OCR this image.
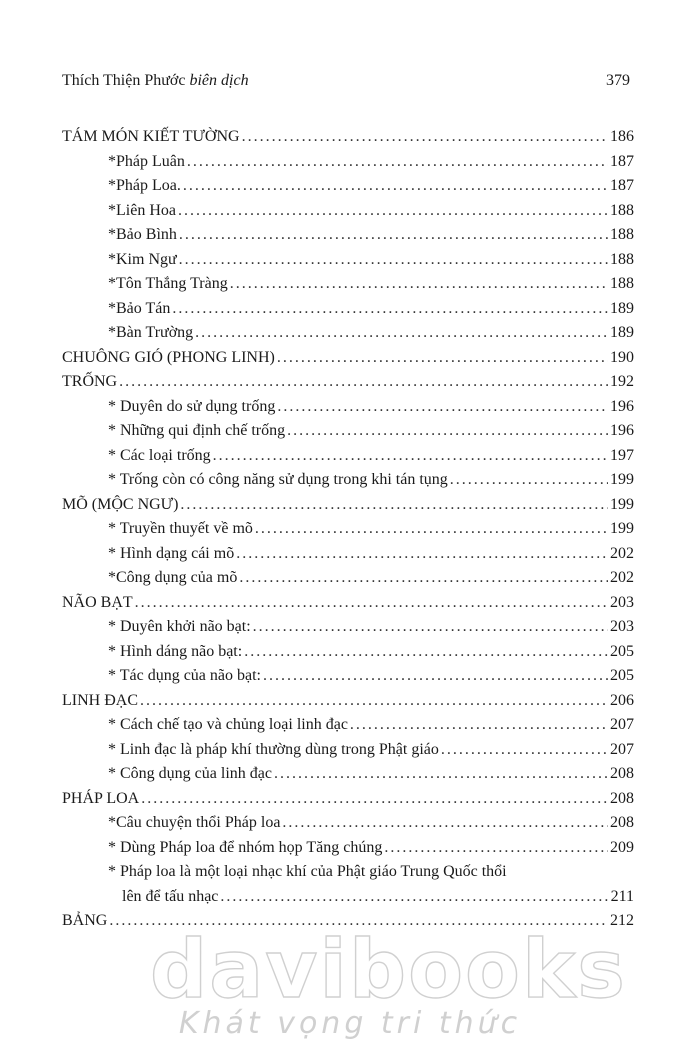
Thích Thiện Phước biên dịch	379
TÁM MÓN KIẾT TƯỜNG .....	186
*Pháp Luân .....	187
*Pháp Loa. .....	187
*Liên Hoa .....	188
*Bảo Bình .....	188
*Kim Ngư .....	188
*Tôn Thắng Tràng .....	188
*Bảo Tán .....	189
*Bàn Trường .....	189
CHUÔNG GIÓ (PHONG LINH) .....	190
TRỐNG .....	192
* Duyên do sử dụng trống .....	196
* Những qui định chế trống .....	196
* Các loại trống .....	197
* Trống còn có công năng sử dụng trong khi tán tụng .....	199
MÕ (MỘC NGƯ) .....	199
* Truyền thuyết về mõ .....	199
* Hình dạng cái mõ .....	202
*Công dụng của mõ .....	202
NÃO BẠT .....	203
* Duyên khởi não bạt: .....	203
* Hình dáng não bạt: .....	205
* Tác dụng của não bạt: .....	205
LINH ĐẠC .....	206
* Cách chế tạo và chủng loại linh đạc .....	207
* Linh đạc là pháp khí thường dùng trong Phật giáo .....	207
* Công dụng của linh đạc .....	208
PHÁP LOA .....	208
*Câu chuyện thổi Pháp loa .....	208
* Dùng Pháp loa để nhóm họp Tăng chúng .....	209
* Pháp loa là một loại nhạc khí của Phật giáo Trung Quốc thổi
lên để tấu nhạc .....	211
BẢNG .....	212
davibooks
Khát vọng tri thức
